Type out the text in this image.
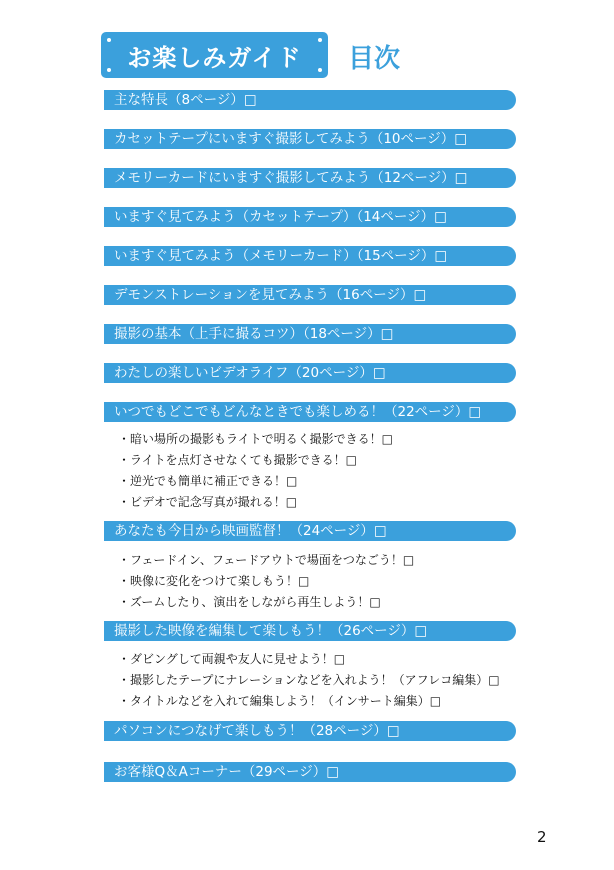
お楽しみガイド	目次
主な特長（8ページ）□
カセットテープにいますぐ撮影してみよう（10ページ）□
メモリーカードにいますぐ撮影してみよう（12ページ）□
いますぐ見てみよう（カセットテープ）（14ページ）□
いますぐ見てみよう（メモリーカード）（15ページ）□
デモンストレーションを見てみよう（16ページ）□
撮影の基本（上手に撮るコツ）（18ページ）□
わたしの楽しいビデオライフ（20ページ）□
いつでもどこでもどんなときでも楽しめる！（22ページ）□
・暗い場所の撮影もライトで明るく撮影できる！□
・ライトを点灯させなくても撮影できる！□
・逆光でも簡単に補正できる！□
・ビデオで記念写真が撮れる！□
あなたも今日から映画監督！（24ページ）□
・フェードイン、フェードアウトで場面をつなごう！□
・映像に変化をつけて楽しもう！□
・ズームしたり、演出をしながら再生しよう！□
撮影した映像を編集して楽しもう！（26ページ）□
・ダビングして両親や友人に見せよう！□
・撮影したテープにナレーションなどを入れよう！（アフレコ編集）□
・タイトルなどを入れて編集しよう！（インサート編集）□
パソコンにつなげて楽しもう！（28ページ）□
お客様Q＆Aコーナー（29ページ）□
2
